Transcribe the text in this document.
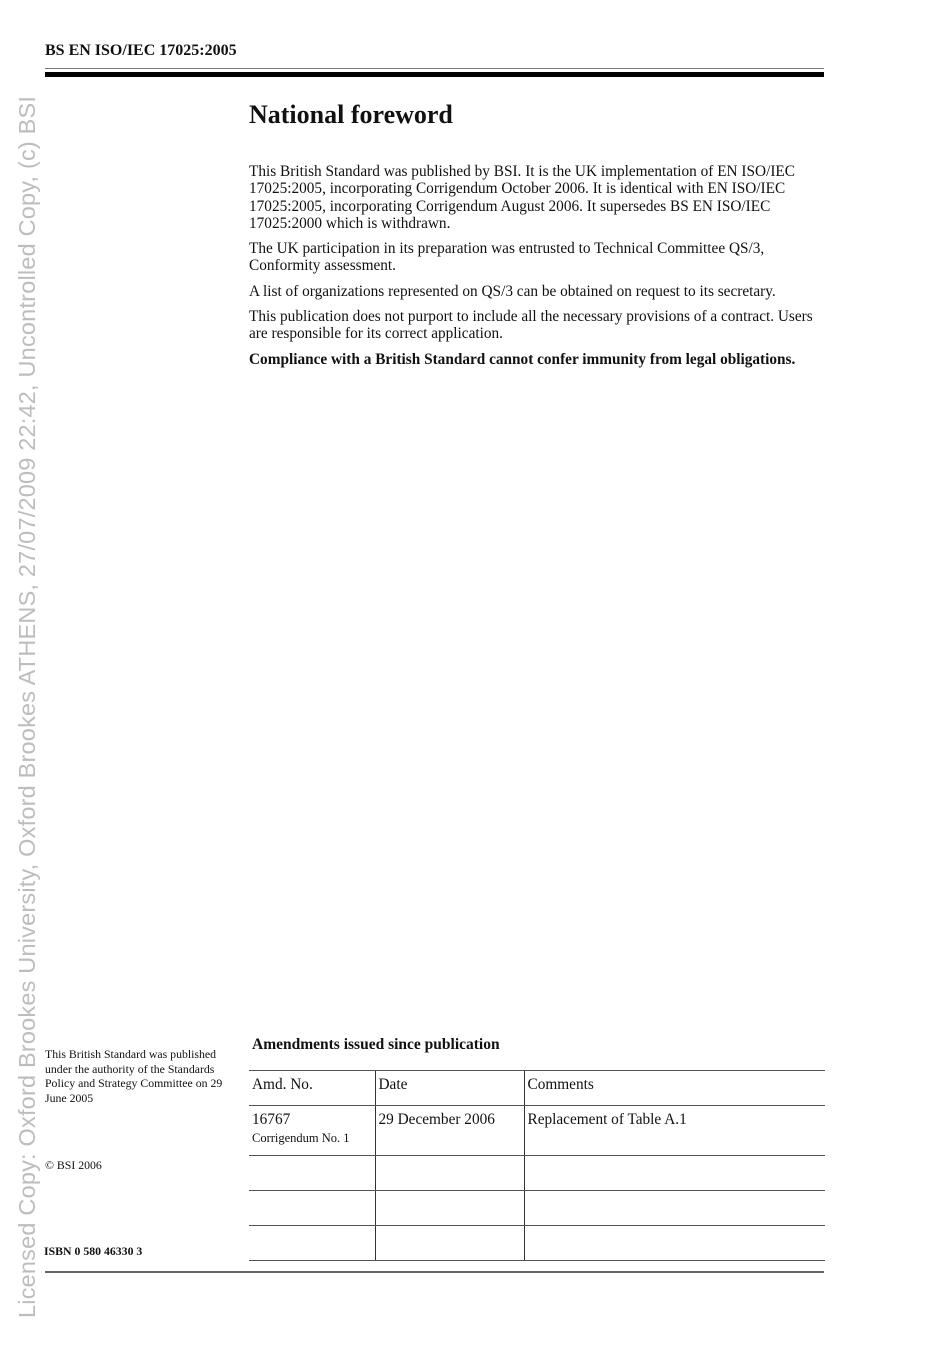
Licensed Copy: Oxford Brookes University, Oxford Brookes ATHENS, 27/07/2009 22:42, Uncontrolled Copy, (c) BSI
BS EN ISO/IEC 17025:2005
National foreword

This British Standard was published by BSI. It is the UK implementation of EN ISO/IEC 17025:2005, incorporating Corrigendum October 2006. It is identical with EN ISO/IEC 17025:2005, incorporating Corrigendum August 2006. It supersedes BS EN ISO/IEC 17025:2000 which is withdrawn.

The UK participation in its preparation was entrusted to Technical Committee QS/3, Conformity assessment.

A list of organizations represented on QS/3 can be obtained on request to its secretary.

This publication does not purport to include all the necessary provisions of a contract. Users are responsible for its correct application.

Compliance with a British Standard cannot confer immunity from legal obligations.

This British Standard was published under the authority of the Standards Policy and Strategy Committee on 29 June 2005
© BSI 2006
ISBN 0 580 46330 3
Amendments issued since publication
Amd. No.	Date	Comments
16767
Corrigendum No. 1	29 December 2006	Replacement of Table A.1
